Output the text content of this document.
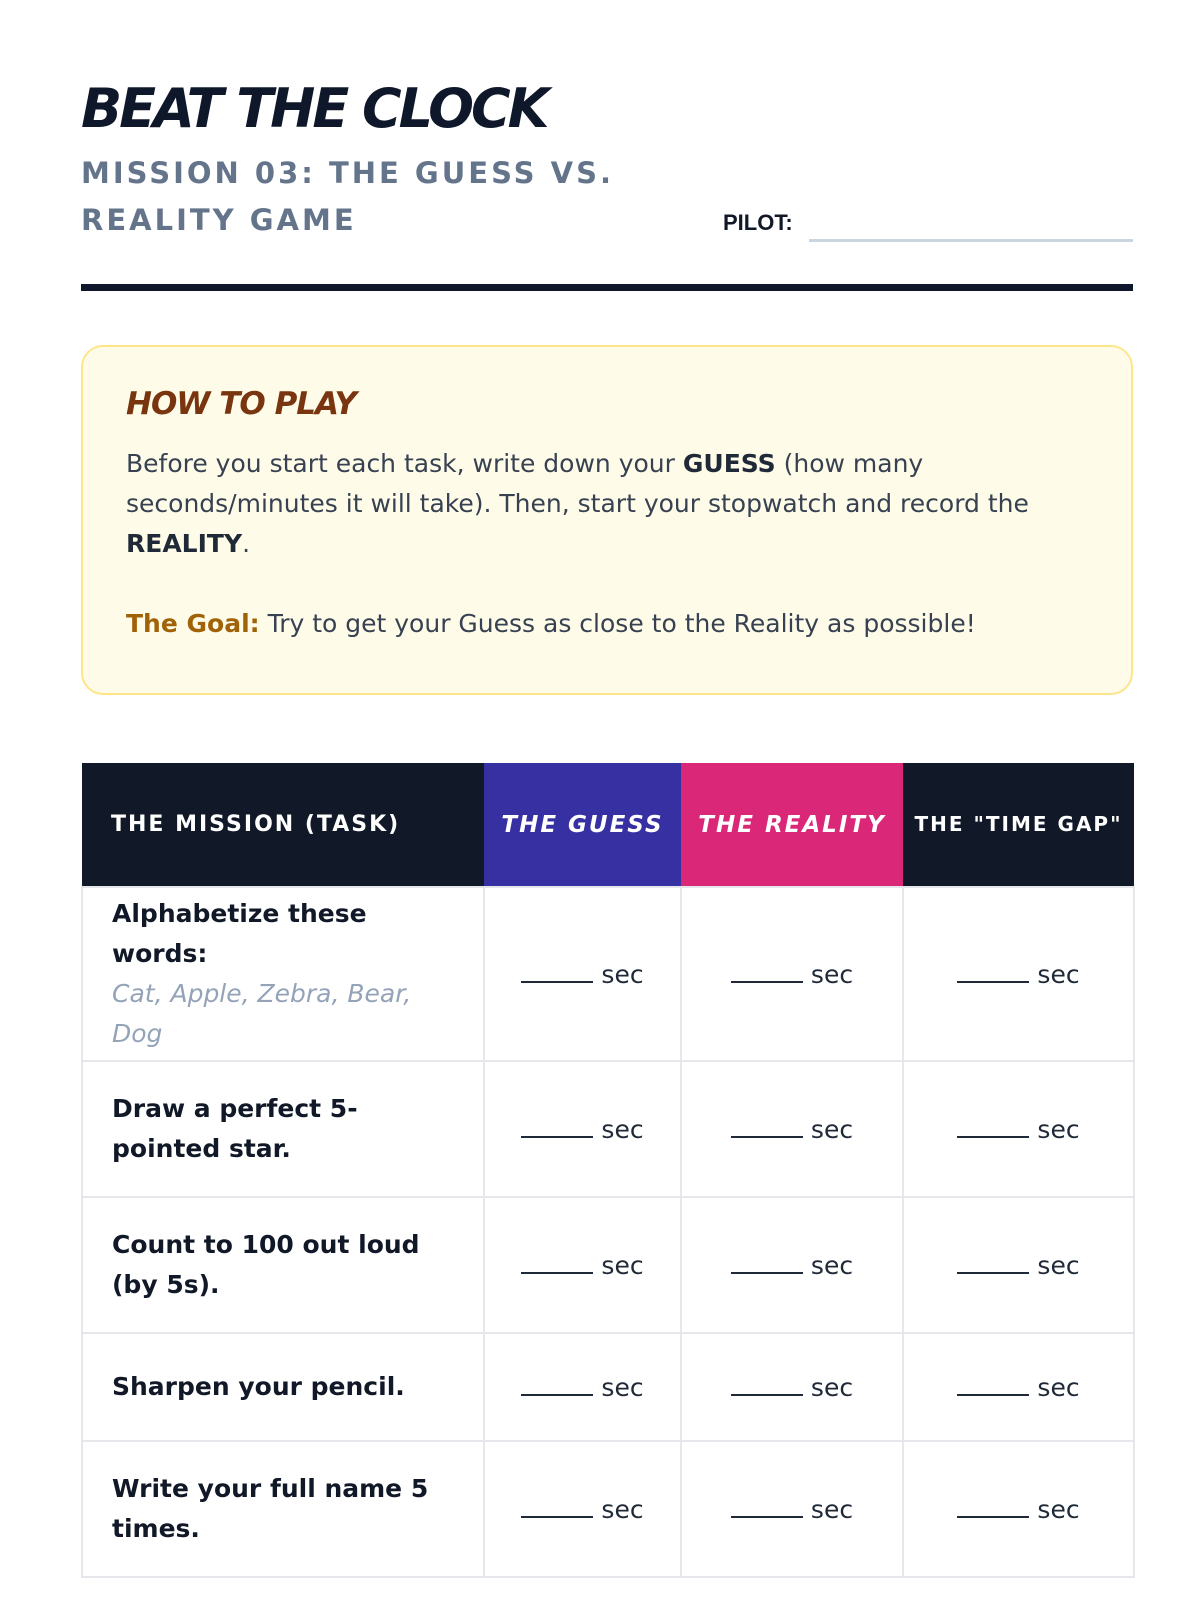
BEAT THE CLOCK
MISSION 03: THE GUESS VS. REALITY GAME	PILOT:
HOW TO PLAY

Before you start each task, write down your GUESS (how many seconds/minutes it will take). Then, start your stopwatch and record the REALITY.

The Goal: Try to get your Guess as close to the Reality as possible!

THE MISSION (TASK)	THE GUESS	THE REALITY	THE "TIME GAP"
Alphabetize these words:
Cat, Apple, Zebra, Bear, Dog	sec	sec	sec
Draw a perfect 5-pointed star.	sec	sec	sec
Count to 100 out loud (by 5s).	sec	sec	sec
Sharpen your pencil.	sec	sec	sec
Write your full name 5 times.	sec	sec	sec
